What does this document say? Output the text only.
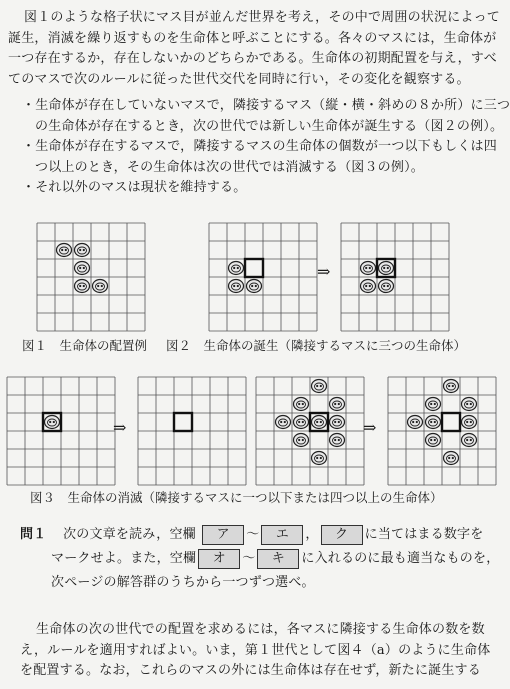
図１のような格子状にマス目が並んだ世界を考え，その中で周囲の状況によって
誕生，消滅を繰り返すものを生命体と呼ぶことにする。各々のマスには，生命体が
一つ存在するか，存在しないかのどちらかである。生命体の初期配置を与え，すべ
てのマスで次のルールに従った世代交代を同時に行い，その変化を観察する。
・生命体が存在していないマスで，隣接するマス（縦・横・斜めの８か所）に三つ
の生命体が存在するとき，次の世代では新しい生命体が誕生する（図２の例）。
・生命体が存在するマスで，隣接するマスの生命体の個数が一つ以下もしくは四
つ以上のとき，その生命体は次の世代では消滅する（図３の例）。
・それ以外のマスは現状を維持する。
⇒
図１　生命体の配置例 図２　生命体の誕生（隣接するマスに三つの生命体）
⇒	⇒
図３　生命体の消滅（隣接するマスに一つ以下または四つ以上の生命体）
問１ 次の文章を読み，空欄 ア 〜 エ ， ク に当てはまる数字を
マークせよ。また，空欄 オ 〜 キ に入れるのに最も適当なものを，
次ページの解答群のうちから一つずつ選べ。
生命体の次の世代での配置を求めるには，各マスに隣接する生命体の数を数
え，ルールを適用すればよい。いま，第１世代として図４（a）のように生命体
を配置する。なお，これらのマスの外には生命体は存在せず，新たに誕生する
